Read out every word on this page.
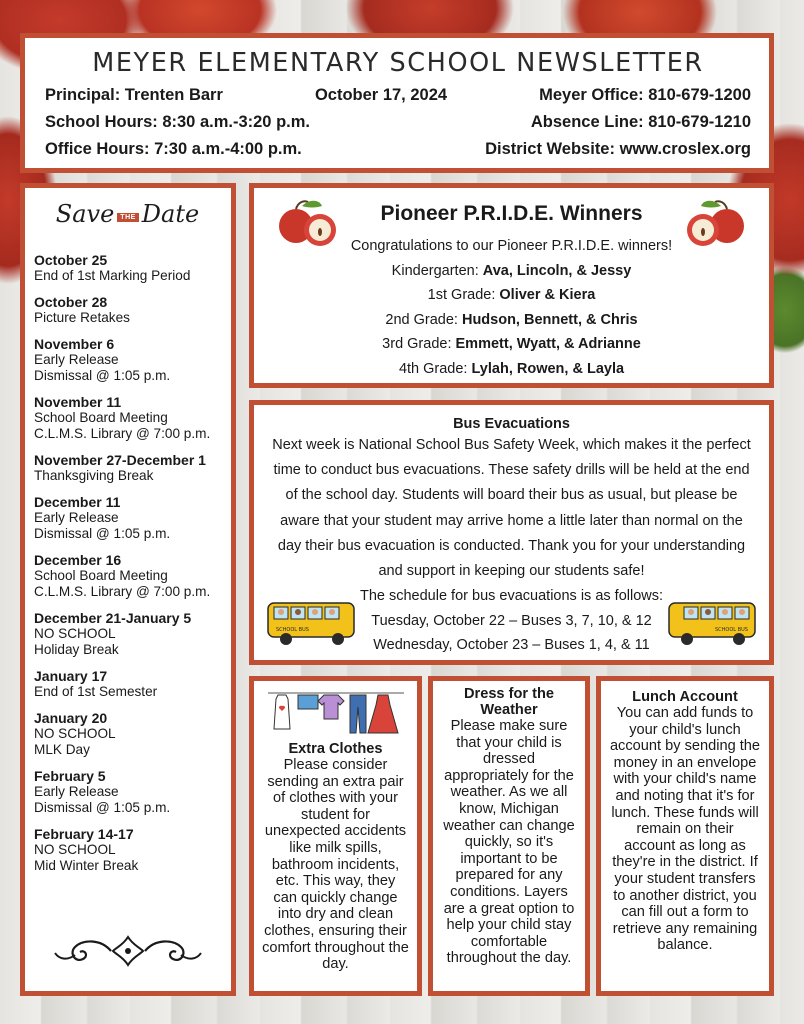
MEYER ELEMENTARY SCHOOL NEWSLETTER
Principal: Trenten Barr	October 17, 2024	Meyer Office: 810-679-1200
School Hours: 8:30 a.m.-3:20 p.m.	Absence Line: 810-679-1210
Office Hours: 7:30 a.m.-4:00 p.m.	District Website: www.croslex.org
Save THE Date
October 25
End of 1st Marking Period
October 28
Picture Retakes
November 6
Early Release
Dismissal @ 1:05 p.m.
November 11
School Board Meeting
C.L.M.S. Library @ 7:00 p.m.
November 27-December 1
Thanksgiving Break
December 11
Early Release
Dismissal @ 1:05 p.m.
December 16
School Board Meeting
C.L.M.S. Library @ 7:00 p.m.
December 21-January 5
NO SCHOOL
Holiday Break
January 17
End of 1st Semester
January 20
NO SCHOOL
MLK Day
February 5
Early Release
Dismissal @ 1:05 p.m.
February 14-17
NO SCHOOL
Mid Winter Break
Pioneer P.R.I.D.E. Winners
Congratulations to our Pioneer P.R.I.D.E. winners!
Kindergarten: Ava, Lincoln, & Jessy
1st Grade: Oliver & Kiera
2nd Grade: Hudson, Bennett, & Chris
3rd Grade: Emmett, Wyatt, & Adrianne
4th Grade: Lylah, Rowen, & Layla
Bus Evacuations
Next week is National School Bus Safety Week, which makes it the perfect time to conduct bus evacuations. These safety drills will be held at the end of the school day. Students will board their bus as usual, but please be aware that your student may arrive home a little later than normal on the day their bus evacuation is conducted. Thank you for your understanding and support in keeping our students safe!
The schedule for bus evacuations is as follows:
Tuesday, October 22 – Buses 3, 7, 10, & 12
Wednesday, October 23 – Buses 1, 4, & 11
SCHOOL BUS	SCHOOL BUS
Extra Clothes
Please consider sending an extra pair of clothes with your student for unexpected accidents like milk spills, bathroom incidents, etc. This way, they can quickly change into dry and clean clothes, ensuring their comfort throughout the day.
Dress for the Weather
Please make sure that your child is dressed appropriately for the weather. As we all know, Michigan weather can change quickly, so it's important to be prepared for any conditions. Layers are a great option to help your child stay comfortable throughout the day.
Lunch Account
You can add funds to your child's lunch account by sending the money in an envelope with your child's name and noting that it's for lunch. These funds will remain on their account as long as they're in the district. If your student transfers to another district, you can fill out a form to retrieve any remaining balance.
